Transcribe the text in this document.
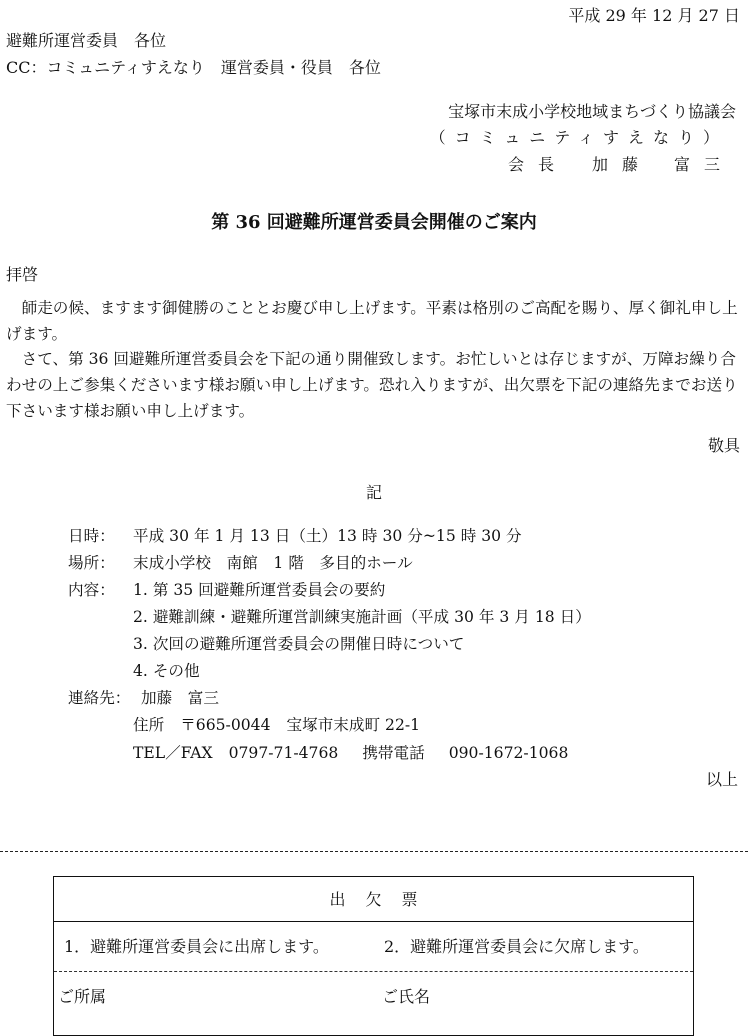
平成 29 年 12 月 27 日
避難所運営委員　各位
CC：コミュニティすえなり　運営委員・役員　各位
宝塚市末成小学校地域まちづくり協議会
（コミュニティすえなり）
会長 加藤 富三
第 36 回避難所運営委員会開催のご案内
拝啓
　師走の候、ますます御健勝のこととお慶び申し上げます。平素は格別のご高配を賜り、厚く御礼申し上げます。
　さて、第 36 回避難所運営委員会を下記の通り開催致します。お忙しいとは存じますが、万障お繰り合わせの上ご参集くださいます様お願い申し上げます。恐れ入りますが、出欠票を下記の連絡先までお送り下さいます様お願い申し上げます。
敬具
記
日時： 平成 30 年 1 月 13 日（土）13 時 30 分~15 時 30 分
場所： 末成小学校　南館　1 階　多目的ホール
内容： 1. 第 35 回避難所運営委員会の要約
2. 避難訓練・避難所運営訓練実施計画（平成 30 年 3 月 18 日）
3. 次回の避難所運営委員会の開催日時について
4. その他
連絡先： 加藤　富三
住所 〒665-0044 宝塚市末成町 22-1
TEL／FAX 0797-71-4768 携帯電話 090-1672-1068
以上
出欠票
1．避難所運営委員会に出席します。	2．避難所運営委員会に欠席します。
ご所属	ご氏名
